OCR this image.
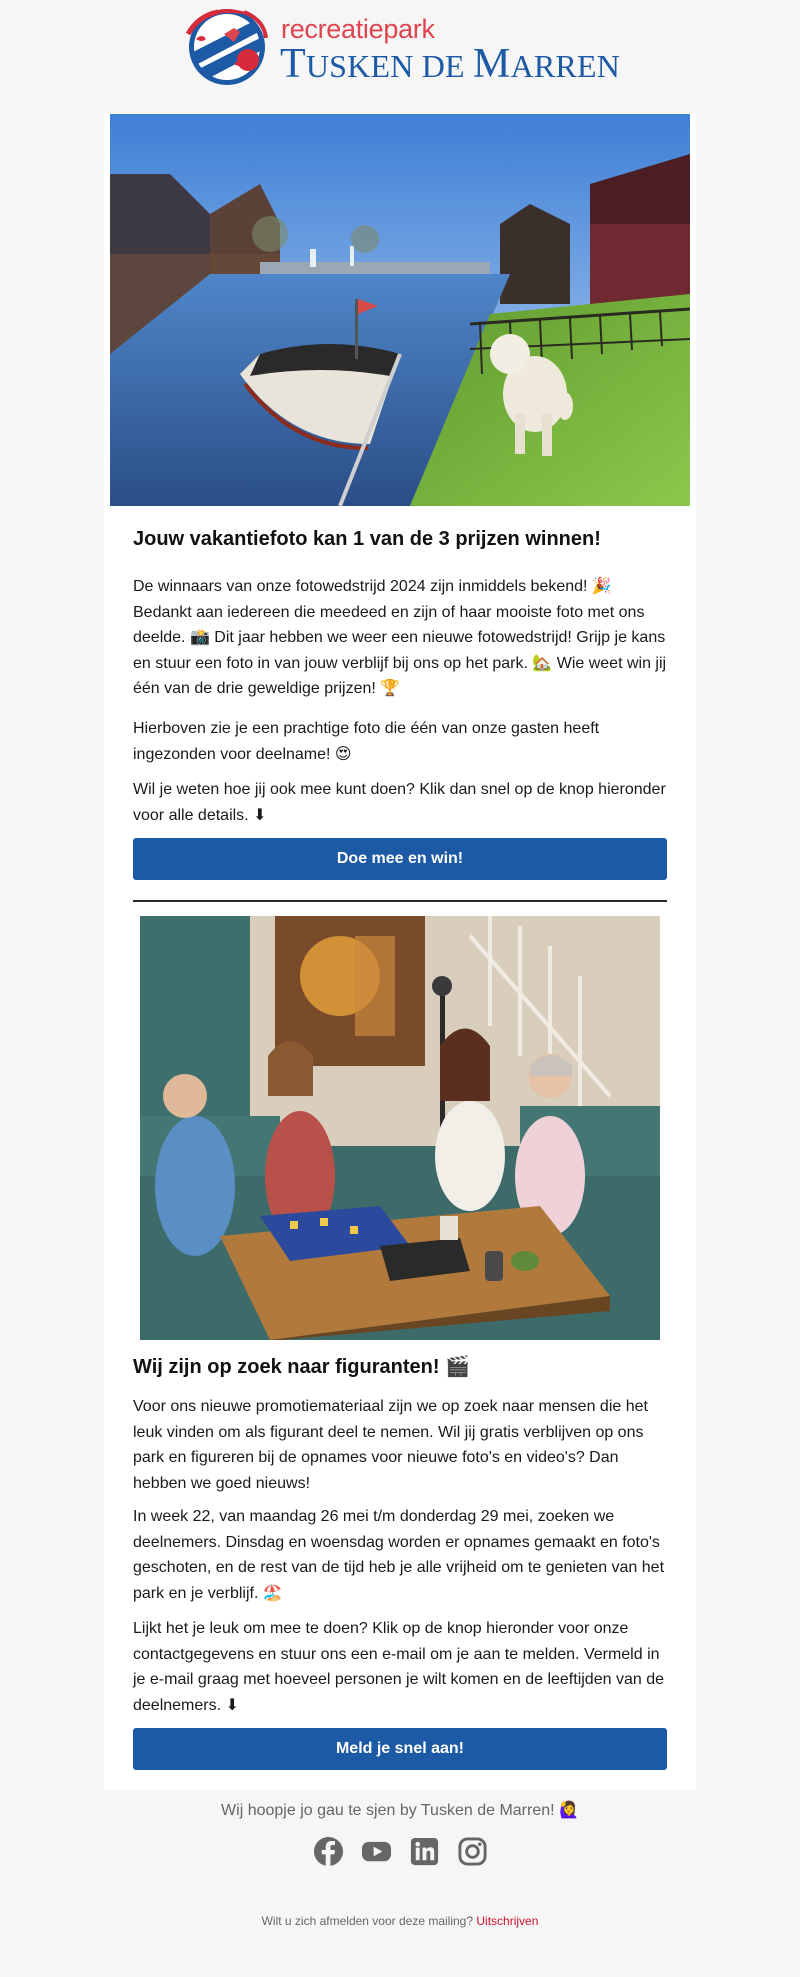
recreatiepark
TUSKEN DE MARREN
Jouw vakantiefoto kan 1 van de 3 prijzen winnen!

De winnaars van onze fotowedstrijd 2024 zijn inmiddels bekend! 🎉 Bedankt aan iedereen die meedeed en zijn of haar mooiste foto met ons deelde. 📸 Dit jaar hebben we weer een nieuwe fotowedstrijd! Grijp je kans en stuur een foto in van jouw verblijf bij ons op het park. 🏡 Wie weet win jij één van de drie geweldige prijzen! 🏆

Hierboven zie je een prachtige foto die één van onze gasten heeft ingezonden voor deelname! 😍

Wil je weten hoe jij ook mee kunt doen? Klik dan snel op de knop hieronder voor alle details. ⬇

Doe mee en win!
Wij zijn op zoek naar figuranten! 🎬

Voor ons nieuwe promotiemateriaal zijn we op zoek naar mensen die het leuk vinden om als figurant deel te nemen. Wil jij gratis verblijven op ons park en figureren bij de opnames voor nieuwe foto's en video's? Dan hebben we goed nieuws!

In week 22, van maandag 26 mei t/m donderdag 29 mei, zoeken we deelnemers. Dinsdag en woensdag worden er opnames gemaakt en foto's geschoten, en de rest van de tijd heb je alle vrijheid om te genieten van het park en je verblijf. 🏖️

Lijkt het je leuk om mee te doen? Klik op de knop hieronder voor onze contactgegevens en stuur ons een e-mail om je aan te melden. Vermeld in je e-mail graag met hoeveel personen je wilt komen en de leeftijden van de deelnemers. ⬇

Meld je snel aan!
Wij hoopje jo gau te sjen by Tusken de Marren! 🙋‍♀️
Wilt u zich afmelden voor deze mailing? Uitschrijven
